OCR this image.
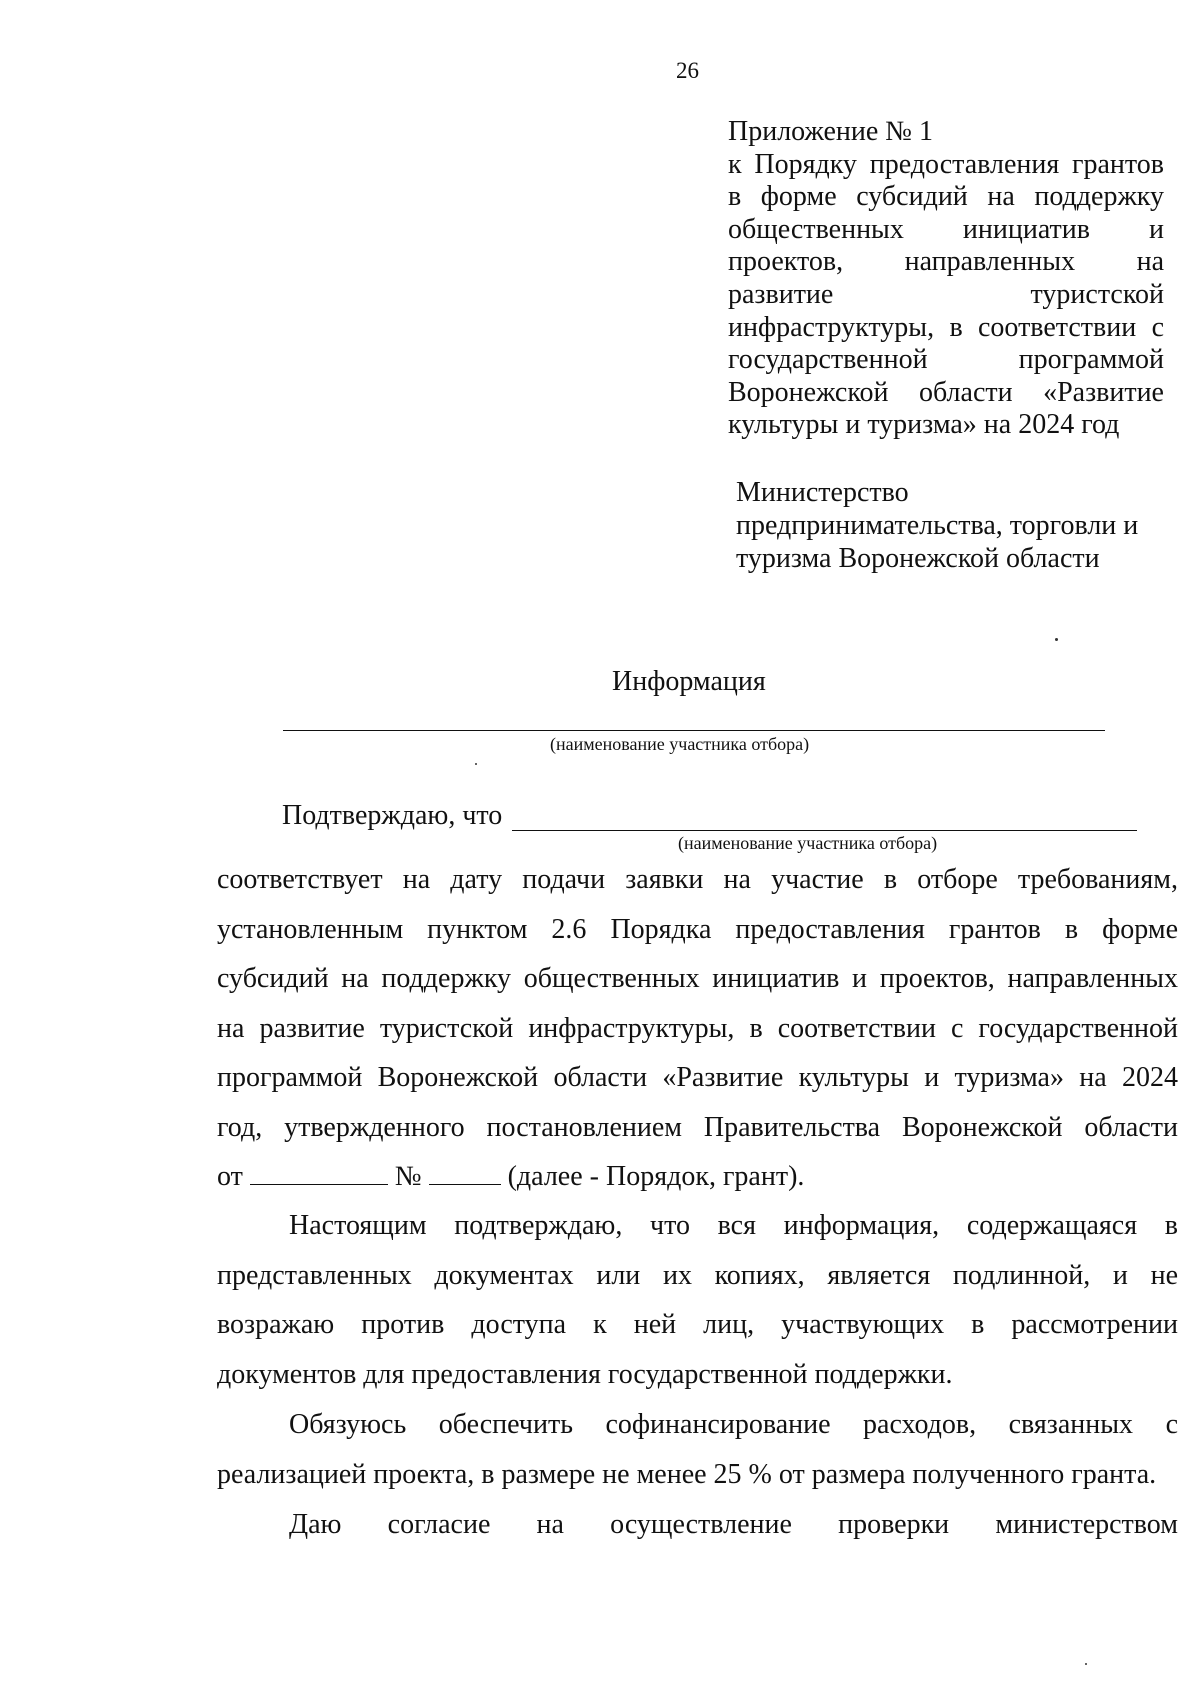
26
Приложение № 1
к Порядку предоставления грантов
в форме субсидий на поддержку
общественных инициатив и
проектов, направленных на
развитие туристской
инфраструктуры, в соответствии с
государственной программой
Воронежской области «Развитие
культуры и туризма» на 2024 год
Министерство
предпринимательства, торговли и
туризма Воронежской области
Информация
(наименование участника отбора)
Подтверждаю, что
(наименование участника отбора)
соответствует на дату подачи заявки на участие в отборе требованиям,
установленным пунктом 2.6 Порядка предоставления грантов в форме
субсидий на поддержку общественных инициатив и проектов, направленных
на развитие туристской инфраструктуры, в соответствии с государственной
программой Воронежской области «Развитие культуры и туризма» на 2024
год, утвержденного постановлением Правительства Воронежской области
от	№	(далее - Порядок, грант).
Настоящим подтверждаю, что вся информация, содержащаяся в
представленных документах или их копиях, является подлинной, и не
возражаю против доступа к ней лиц, участвующих в рассмотрении
документов для предоставления государственной поддержки.
Обязуюсь обеспечить софинансирование расходов, связанных с
реализацией проекта, в размере не менее 25 % от размера полученного гранта.
Даю согласие на осуществление проверки министерством
